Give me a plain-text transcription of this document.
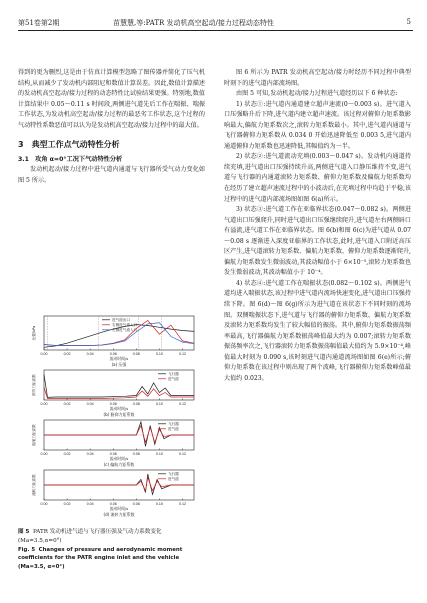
第51卷第2期	苗慧慧,等:PATR 发动机高空起动/接力过程动态特性	5

得到的更为删烈,这是由于仿真计算模型忽略了图传器并简化了压气机结构,从而减少了发动机内部阻尼和数值计算误差。因此,数值计算描述的发动机高空起动/接力过程的动态特性比试验结果更强。特别地,数值计算结果中 0.05～0.11 s 时间段,两侧进气道先后工作在喘振、喘振工作状态,为发动机高空起动/接力过程的最恶劣工作状态,这个过程的气动特性系数恶值可以认为是发动机高空起动/接力过程中的最大值。

3　典型工作点气动特性分析

3.1　攻角 α=0°工况下气动特性分析

发动机起动/接力过程中进气道内通道与飞行器所受气动力变化如图 5 所示。

0.00	0.02	0.04	0.06	0.08	0.10	0.12
流动时间/s
压强/kPa
(a) 压强
进气道出口
右侧进气道入口
左侧进气道入口
0.00	0.02	0.04	0.06	0.08	0.10	0.12
流动时间/s
俯仰力矩系数
(b) 俯仰力矩系数
飞行器
进气道
0.00	0.02	0.04	0.06	0.08	0.10	0.12
流动时间/s
偏航力矩系数
(c) 偏航力矩系数
飞行器
进气道
0.00	0.02	0.04	0.06	0.08	0.10	0.12
流动时间/s
滚转力矩系数
(d) 滚转力矩系数
飞行器
进气道
图 5 PATR 发动机进气道与飞行器压强及气动力系数变化 (Ma=3.5,α=0°)
Fig. 5 Changes of pressure and aerodynamic moment coefficients for the PATR engine inlet and the vehicle (Ma=3.5, α=0°)

图 6 所示为 PATR 发动机高空起动/接力时经历不同过程中典型时刻下的进气道内部流场图。

由图 5 可知,发动机起动/接力过程进气道经历以下 6 种状态:

1) 状态①:进气道内通道建立超声速流(0～0.003 s)。进气道入口压强略升后下降,进气道内建立超声速流。该过程对俯仰力矩系数影响最大,偏航力矩系数次之,滚转力矩系数最小。其中,进气道内通道与飞行器俯仰力矩系数从 0.034 0 开始迅速降低至 0.003 5,进气道内通道俯仰力矩系数也迅速降低,其幅值约为一半。

2) 状态②:进气道流动充填(0.003～0.047 s)。发动机内通道持续充填,进气道出口压强持续升高,两侧进气道入口静压维持不变,进气道与飞行器的内通道滚转力矩系数、俯仰力矩系数及偏航力矩系数均在经历了建立超声速流过程中的小波动后,在充填过程中均趋于平稳,该过程中的进气道内部流场图如图 6(a)所示。

3) 状态③:进气道工作在亚临界状态(0.047～0.082 s)。两侧进气道出口压强爬升,同时进气道出口压强继续爬升,进气道左右两侧唇口有溢流,进气道工作在亚临界状态。图 6(b)和图 6(c)为进气道从 0.07～0.08 s 逐渐进入深度亚临界的工作状态,此时,进气道入口附近高压区产生,进气道滚转力矩系数、偏航力矩系数、俯仰力矩系数逐渐爬升,偏航力矩系数发生微弱波动,其波动幅值小于 6×10⁻⁵,滚转力矩系数也发生微弱波动,其波动幅值小于 10⁻⁴。

4) 状态④:进气道工作在喘振状态(0.082～0.102 s)。两侧进气道均进入喘振状态,该过程中进气道内流场快速变化,进气道出口压强持续下降。图 6(d)～图 6(g)所示为进气道在该状态下不同时刻的流场图。双侧喘振状态下,进气道与飞行器的俯仰力矩系数、偏航力矩系数及滚转力矩系数均发生了较大幅值的振荡。其中,俯仰力矩系数振荡频率最高,飞行器偏航力矩系数振荡峰值最大约为 0.007;滚转力矩系数振荡频率次之,飞行器滚转力矩系数振荡幅值最大值约为 5.9×10⁻⁴,峰值最大时刻为 0.090 s,该时刻进气道内通道流场图如图 6(e)所示;俯仰力矩系数在该过程中则出现了两个波峰,飞行器俯仰力矩系数峰值最大值约 0.023。
